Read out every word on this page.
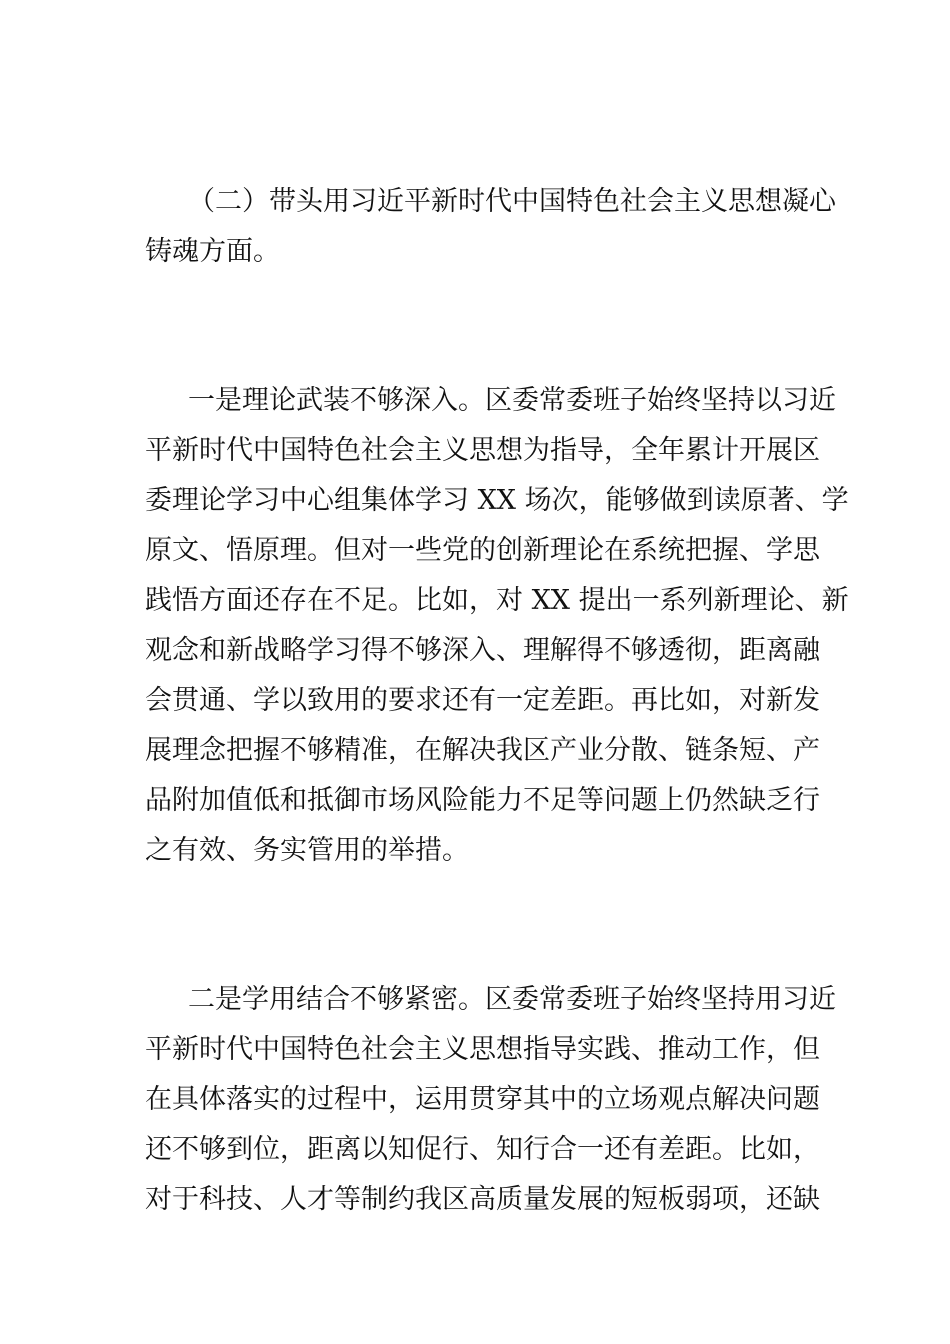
（二）带头用习近平新时代中国特色社会主义思想凝心
铸魂方面。
一是理论武装不够深入。区委常委班子始终坚持以习近
平新时代中国特色社会主义思想为指导，全年累计开展区
委理论学习中心组集体学习 XX 场次，能够做到读原著、学
原文、悟原理。但对一些党的创新理论在系统把握、学思
践悟方面还存在不足。比如，对 XX 提出一系列新理论、新
观念和新战略学习得不够深入、理解得不够透彻，距离融
会贯通、学以致用的要求还有一定差距。再比如，对新发
展理念把握不够精准，在解决我区产业分散、链条短、产
品附加值低和抵御市场风险能力不足等问题上仍然缺乏行
之有效、务实管用的举措。
二是学用结合不够紧密。区委常委班子始终坚持用习近
平新时代中国特色社会主义思想指导实践、推动工作，但
在具体落实的过程中，运用贯穿其中的立场观点解决问题
还不够到位，距离以知促行、知行合一还有差距。比如，
对于科技、人才等制约我区高质量发展的短板弱项，还缺
